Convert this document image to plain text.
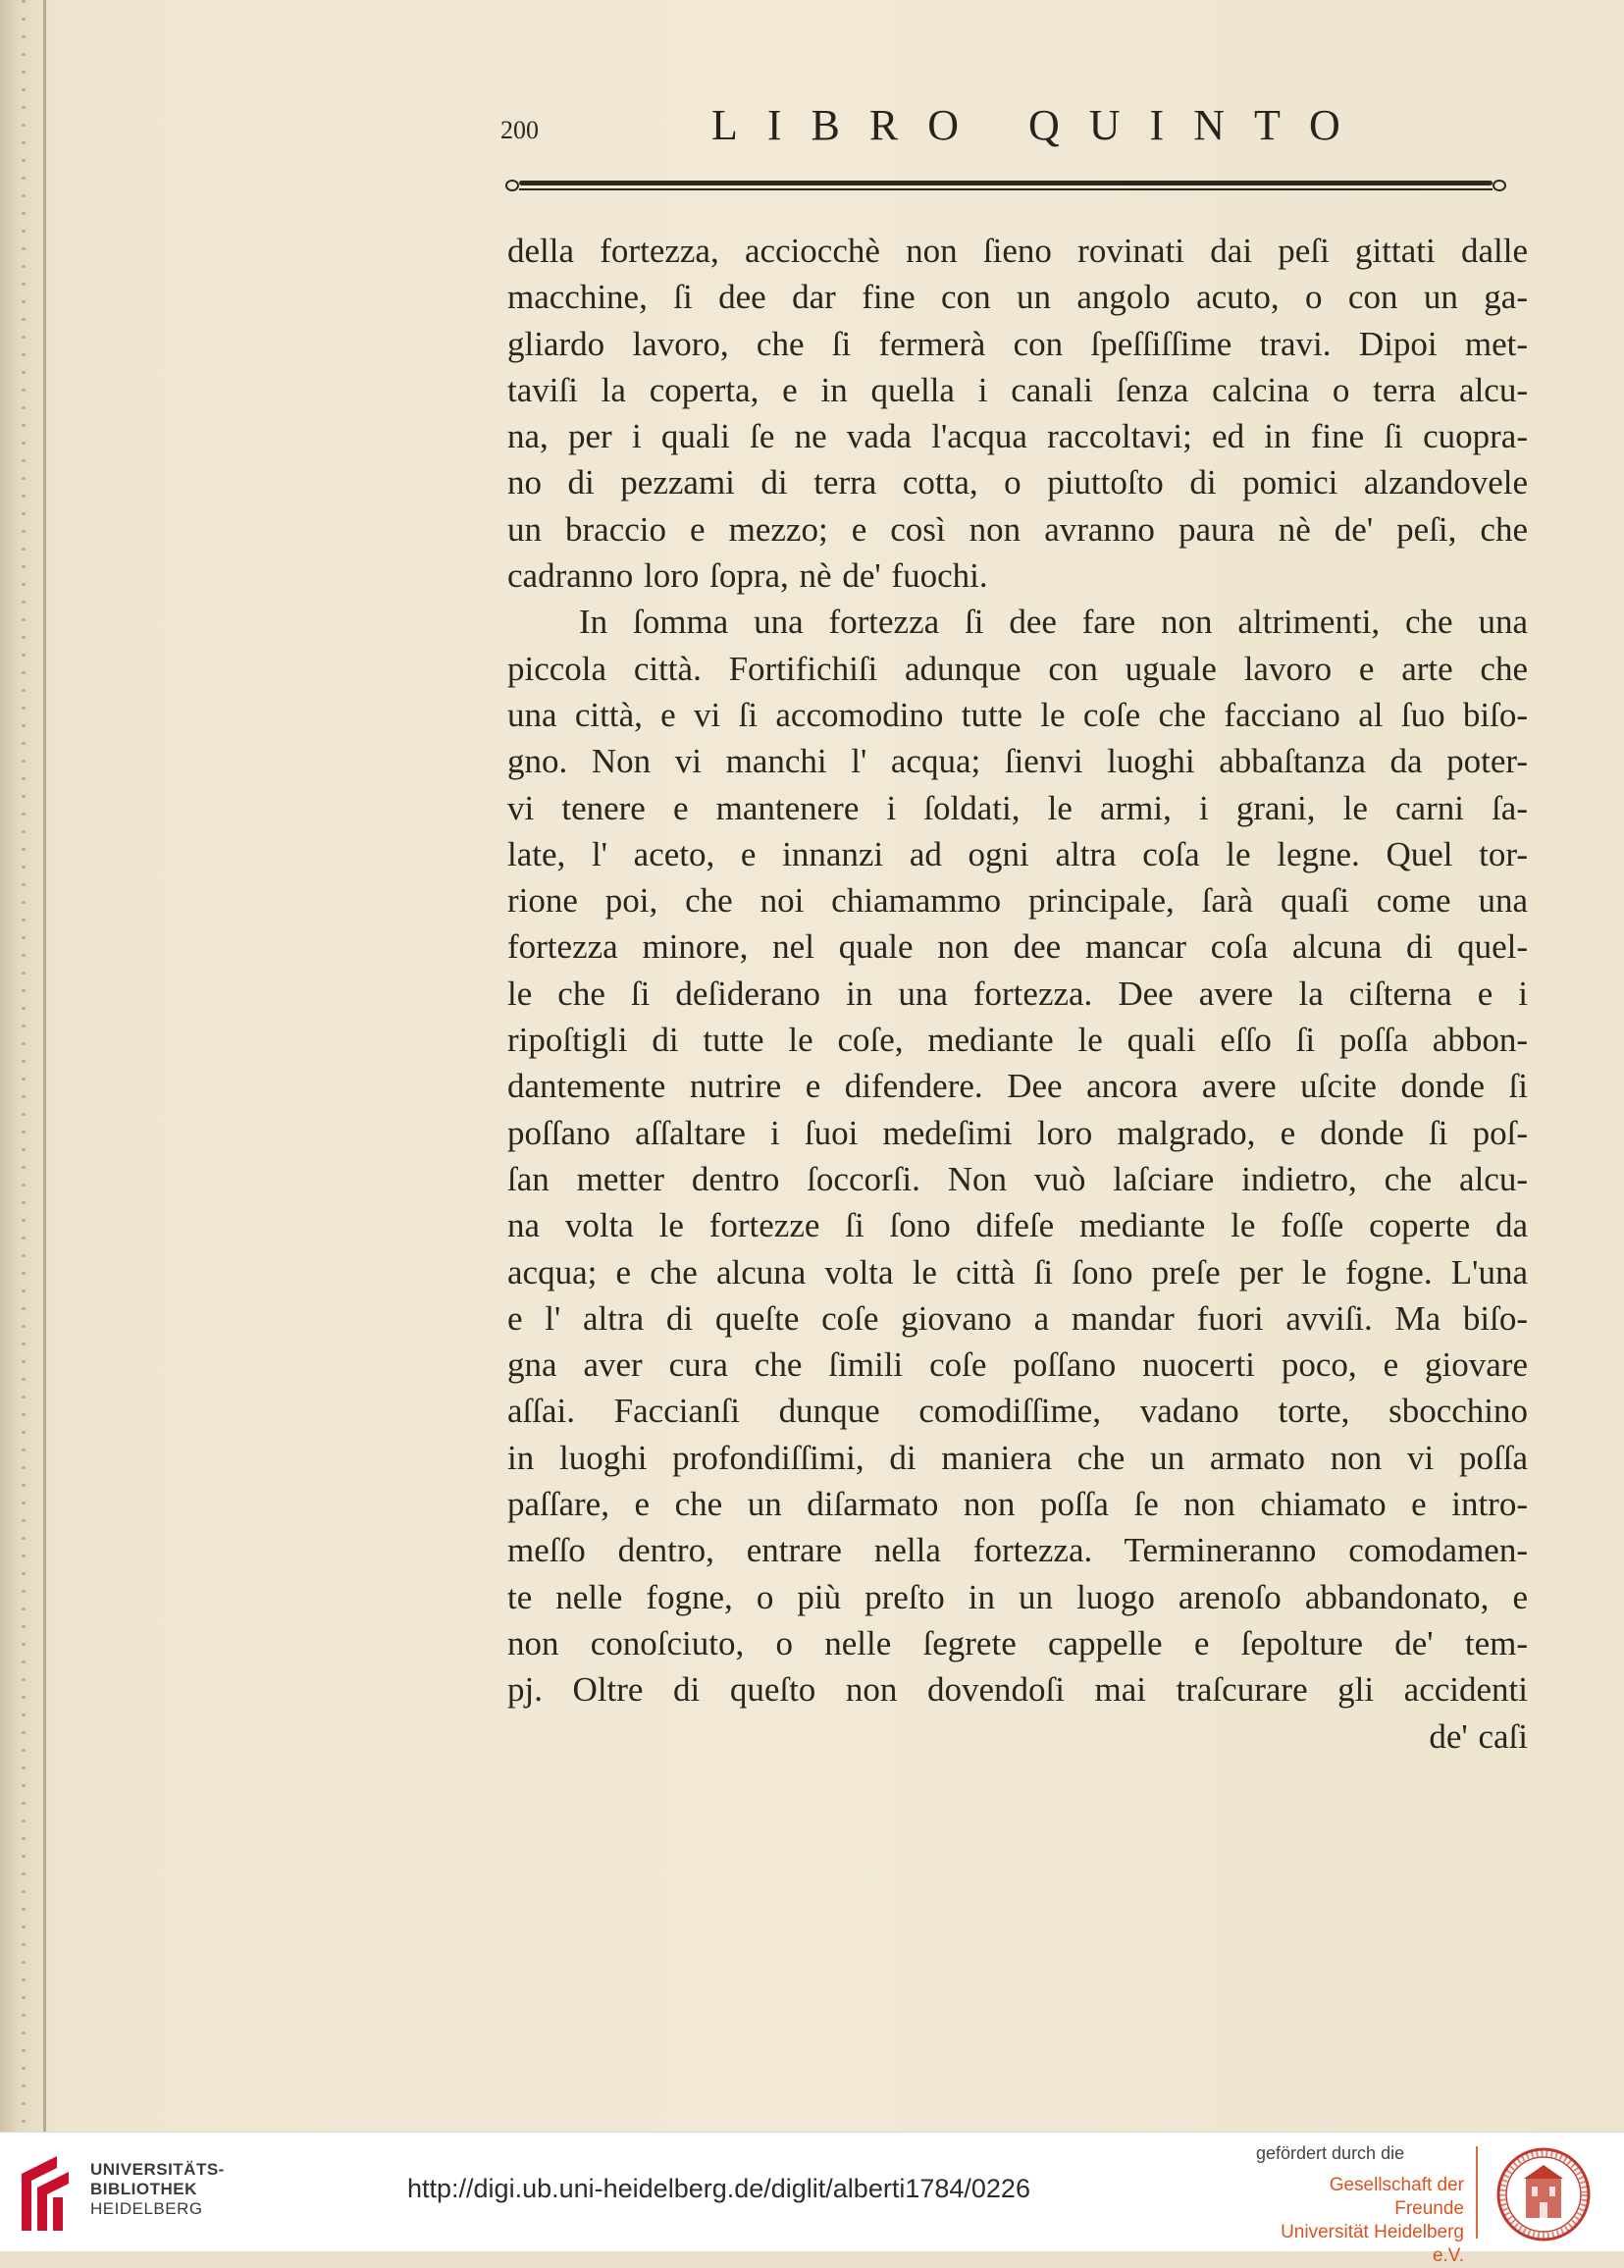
200	LIBRO QUINTO
della fortezza, acciocchè non ſieno rovinati dai peſi gittati dalle
macchine, ſi dee dar fine con un angolo acuto, o con un ga-
gliardo lavoro, che ſi fermerà con ſpeſſiſſime travi. Dipoi met-
taviſi la coperta, e in quella i canali ſenza calcina o terra alcu-
na, per i quali ſe ne vada l'acqua raccoltavi; ed in fine ſi cuopra-
no di pezzami di terra cotta, o piuttoſto di pomici alzandovele
un braccio e mezzo; e così non avranno paura nè de' peſi, che
cadranno loro ſopra, nè de' fuochi.
In ſomma una fortezza ſi dee fare non altrimenti, che una
piccola città. Fortifichiſi adunque con uguale lavoro e arte che
una città, e vi ſi accomodino tutte le coſe che facciano al ſuo biſo-
gno. Non vi manchi l' acqua; ſienvi luoghi abbaſtanza da poter-
vi tenere e mantenere i ſoldati, le armi, i grani, le carni ſa-
late, l' aceto, e innanzi ad ogni altra coſa le legne. Quel tor-
rione poi, che noi chiamammo principale, ſarà quaſi come una
fortezza minore, nel quale non dee mancar coſa alcuna di quel-
le che ſi deſiderano in una fortezza. Dee avere la ciſterna e i
ripoſtigli di tutte le coſe, mediante le quali eſſo ſi poſſa abbon-
dantemente nutrire e difendere. Dee ancora avere uſcite donde ſi
poſſano aſſaltare i ſuoi medeſimi loro malgrado, e donde ſi poſ-
ſan metter dentro ſoccorſi. Non vuò laſciare indietro, che alcu-
na volta le fortezze ſi ſono difeſe mediante le foſſe coperte da
acqua; e che alcuna volta le città ſi ſono preſe per le fogne. L'una
e l' altra di queſte coſe giovano a mandar fuori avviſi. Ma biſo-
gna aver cura che ſimili coſe poſſano nuocerti poco, e giovare
aſſai. Faccianſi dunque comodiſſime, vadano torte, sbocchino
in luoghi profondiſſimi, di maniera che un armato non vi poſſa
paſſare, e che un diſarmato non poſſa ſe non chiamato e intro-
meſſo dentro, entrare nella fortezza. Termineranno comodamen-
te nelle fogne, o più preſto in un luogo arenoſo abbandonato, e
non conoſciuto, o nelle ſegrete cappelle e ſepolture de' tem-
pj. Oltre di queſto non dovendoſi mai traſcurare gli accidenti
de' caſi
UNIVERSITÄTS-
BIBLIOTHEK
HEIDELBERG
http://digi.ub.uni-heidelberg.de/diglit/alberti1784/0226
gefördert durch die
Gesellschaft der Freunde
Universität Heidelberg e.V.
